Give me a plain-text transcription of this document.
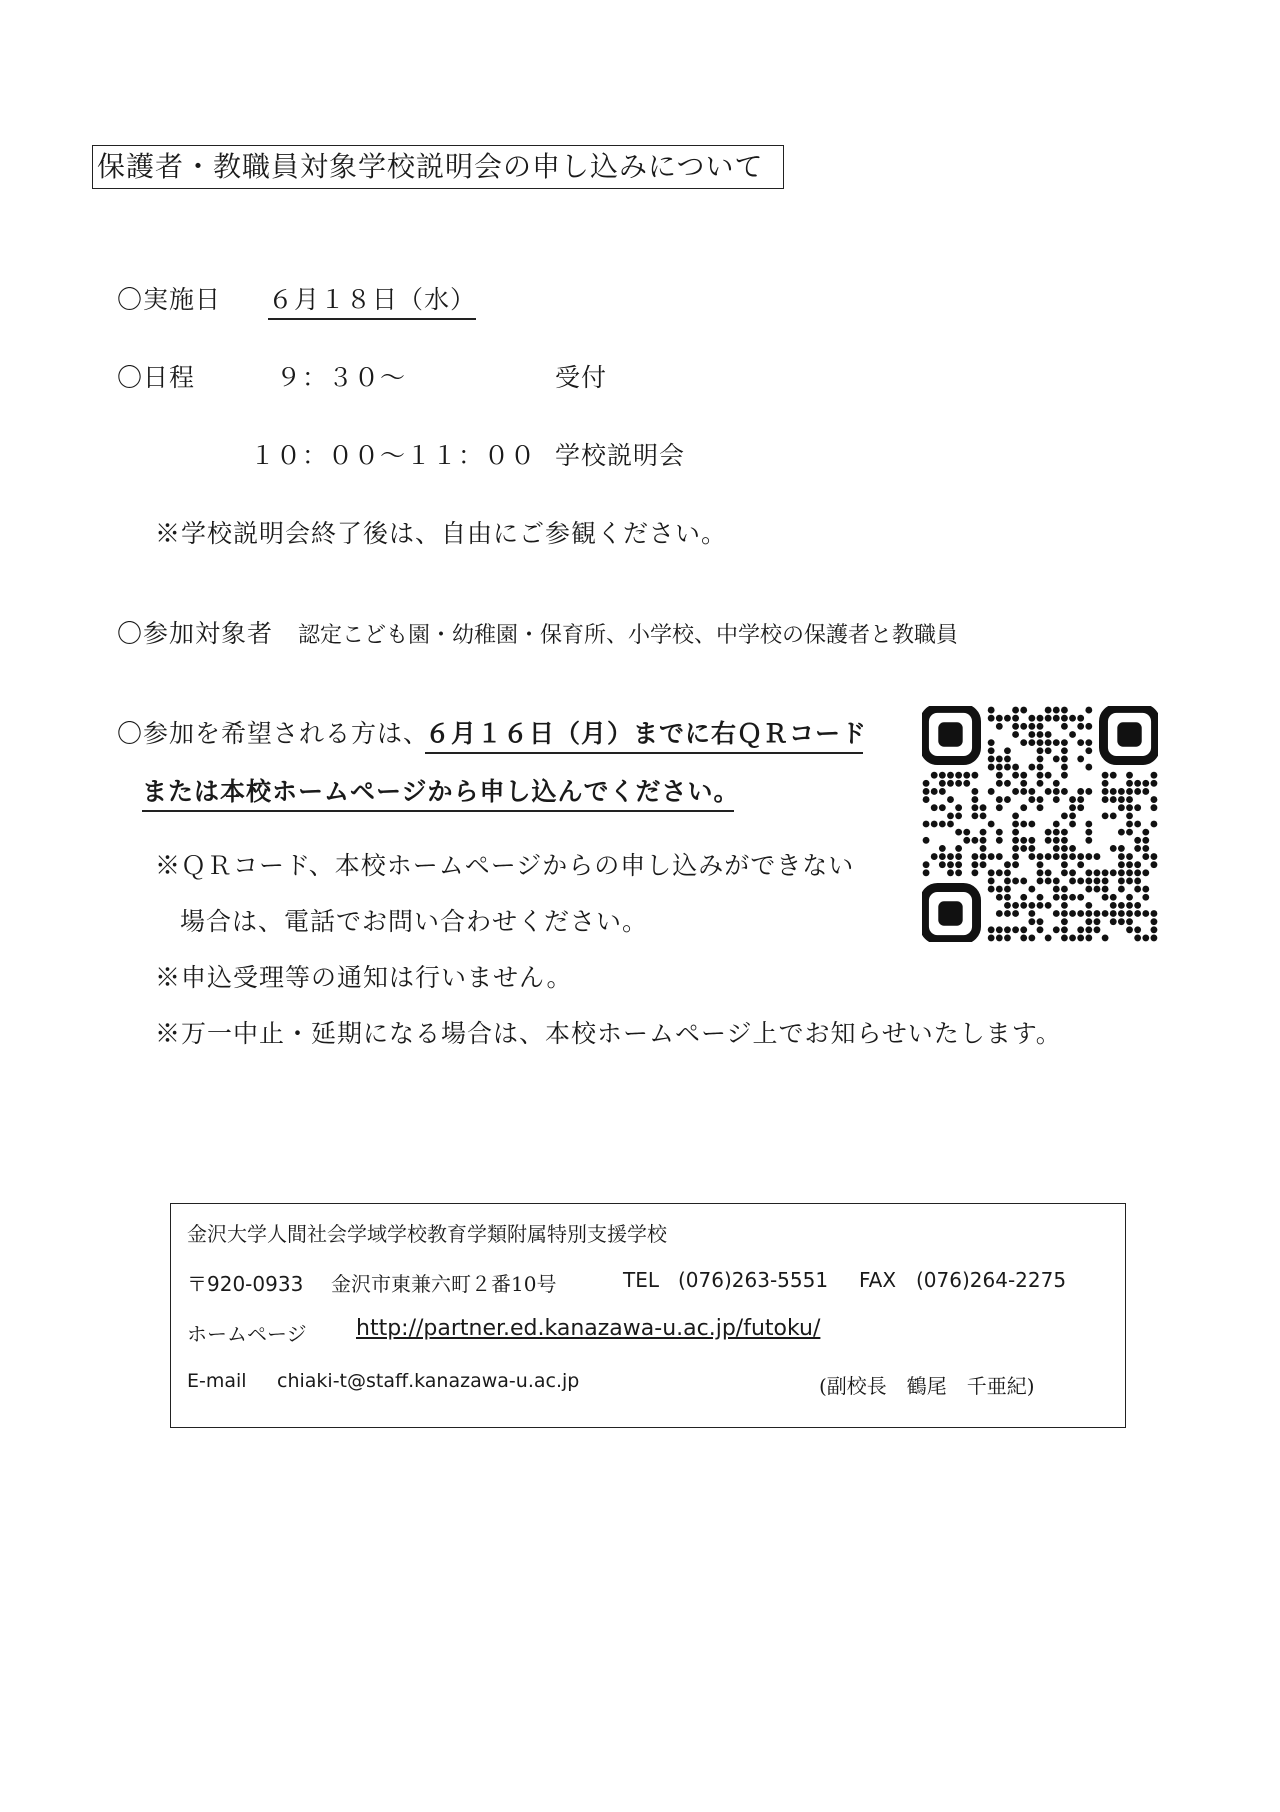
保護者・教職員対象学校説明会の申し込みについて
〇実施日 ６月１８日（水）
〇日程	９：３０～	受付
１０：００～１１：００ 学校説明会
※学校説明会終了後は、自由にご参観ください。
〇参加対象者 認定こども園・幼稚園・保育所、小学校、中学校の保護者と教職員
〇参加を希望される方は、
６月１６日（月）までに右ＱＲコード
または本校ホームページから申し込んでください。
※ＱＲコード、本校ホームページからの申し込みができない
場合は、電話でお問い合わせください。
※申込受理等の通知は行いません。
※万一中止・延期になる場合は、本校ホームページ上でお知らせいたします。
金沢大学人間社会学域学校教育学類附属特別支援学校
〒920-0933 金沢市東兼六町２番10号	TEL (076)263-5551 FAX (076)264-2275
ホームページ http://partner.ed.kanazawa-u.ac.jp/futoku/
E-mail chiaki-t@staff.kanazawa-u.ac.jp	(副校長　鶴尾　千亜紀)
